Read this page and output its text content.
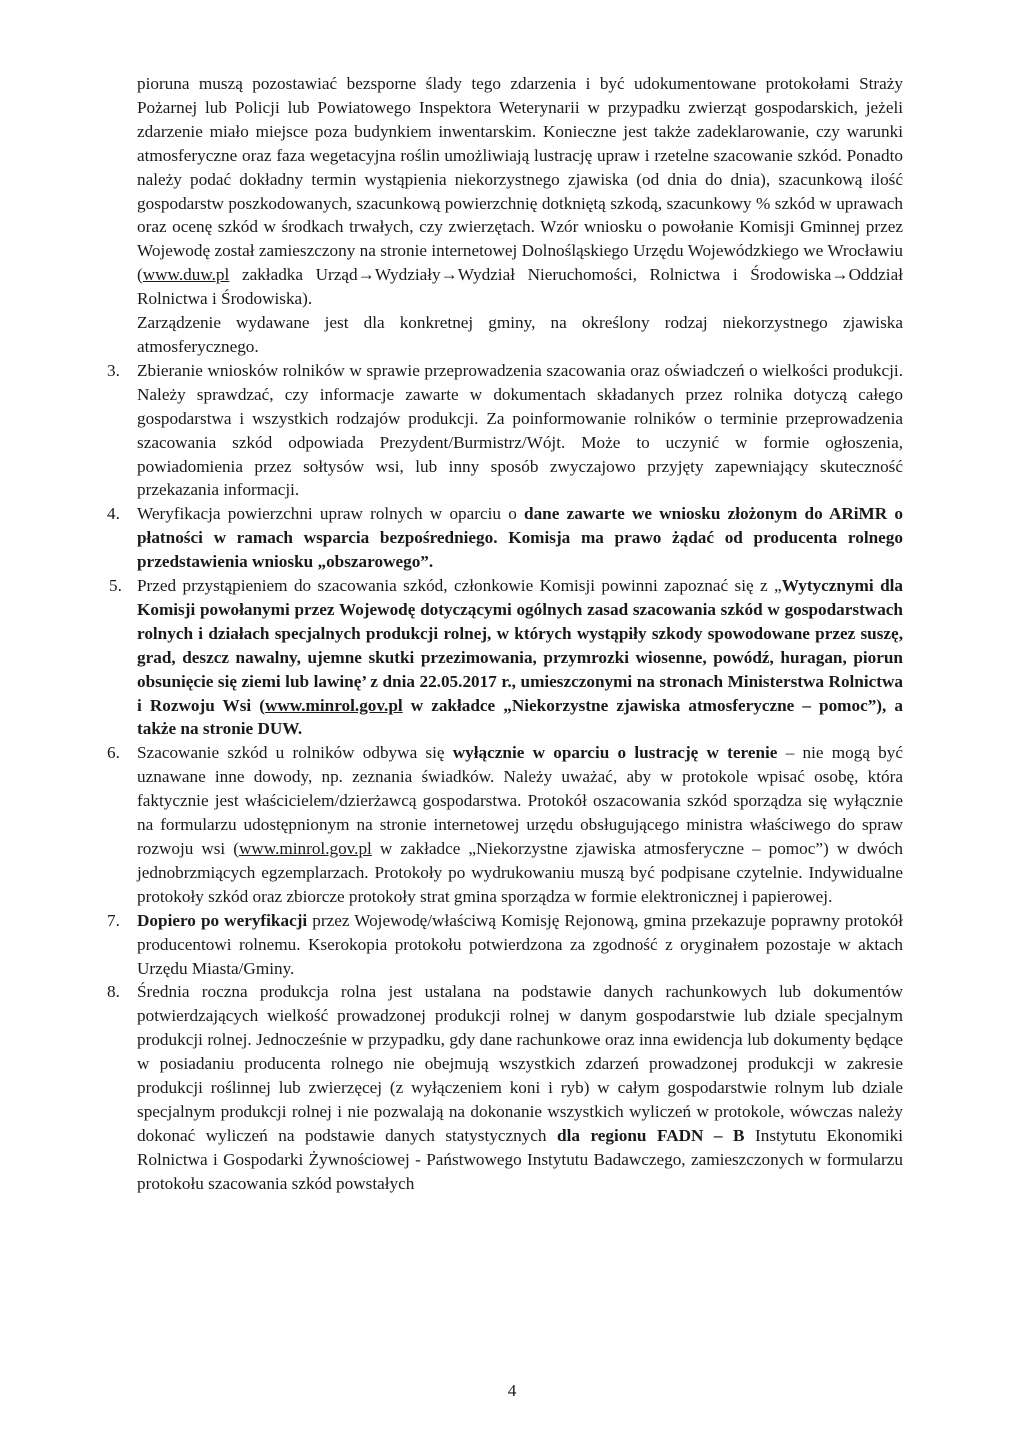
pioruna muszą pozostawiać bezsporne ślady tego zdarzenia i być udokumentowane protokołami Straży Pożarnej lub Policji lub Powiatowego Inspektora Weterynarii w przypadku zwierząt gospodarskich, jeżeli zdarzenie miało miejsce poza budynkiem inwentarskim. Konieczne jest także zadeklarowanie, czy warunki atmosferyczne oraz faza wegetacyjna roślin umożliwiają lustrację upraw i rzetelne szacowanie szkód. Ponadto należy podać dokładny termin wystąpienia niekorzystnego zjawiska (od dnia do dnia), szacunkową ilość gospodarstw poszkodowanych, szacunkową powierzchnię dotkniętą szkodą, szacunkowy % szkód w uprawach oraz ocenę szkód w środkach trwałych, czy zwierzętach. Wzór wniosku o powołanie Komisji Gminnej przez Wojewodę został zamieszczony na stronie internetowej Dolnośląskiego Urzędu Wojewódzkiego we Wrocławiu (www.duw.pl zakładka Urząd→Wydziały→Wydział Nieruchomości, Rolnictwa i Środowiska→Oddział Rolnictwa i Środowiska).

Zarządzenie wydawane jest dla konkretnej gminy, na określony rodzaj niekorzystnego zjawiska atmosferycznego.

3. Zbieranie wniosków rolników w sprawie przeprowadzenia szacowania oraz oświadczeń o wielkości produkcji. Należy sprawdzać, czy informacje zawarte w dokumentach składanych przez rolnika dotyczą całego gospodarstwa i wszystkich rodzajów produkcji. Za poinformowanie rolników o terminie przeprowadzenia szacowania szkód odpowiada Prezydent/Burmistrz/Wójt. Może to uczynić w formie ogłoszenia, powiadomienia przez sołtysów wsi, lub inny sposób zwyczajowo przyjęty zapewniający skuteczność przekazania informacji.

4. Weryfikacja powierzchni upraw rolnych w oparciu o dane zawarte we wniosku złożonym do ARiMR o płatności w ramach wsparcia bezpośredniego. Komisja ma prawo żądać od producenta rolnego przedstawienia wniosku „obszarowego”.

5. Przed przystąpieniem do szacowania szkód, członkowie Komisji powinni zapoznać się z „Wytycznymi dla Komisji powołanymi przez Wojewodę dotyczącymi ogólnych zasad szacowania szkód w gospodarstwach rolnych i działach specjalnych produkcji rolnej, w których wystąpiły szkody spowodowane przez suszę, grad, deszcz nawalny, ujemne skutki przezimowania, przymrozki wiosenne, powódź, huragan, piorun obsunięcie się ziemi lub lawinę’ z dnia 22.05.2017 r., umieszczonymi na stronach Ministerstwa Rolnictwa i Rozwoju Wsi (www.minrol.gov.pl w zakładce „Niekorzystne zjawiska atmosferyczne – pomoc”), a także na stronie DUW.

6. Szacowanie szkód u rolników odbywa się wyłącznie w oparciu o lustrację w terenie – nie mogą być uznawane inne dowody, np. zeznania świadków. Należy uważać, aby w protokole wpisać osobę, która faktycznie jest właścicielem/dzierżawcą gospodarstwa. Protokół oszacowania szkód sporządza się wyłącznie na formularzu udostępnionym na stronie internetowej urzędu obsługującego ministra właściwego do spraw rozwoju wsi (www.minrol.gov.pl w zakładce „Niekorzystne zjawiska atmosferyczne – pomoc”) w dwóch jednobrzmiących egzemplarzach. Protokoły po wydrukowaniu muszą być podpisane czytelnie. Indywidualne protokoły szkód oraz zbiorcze protokoły strat gmina sporządza w formie elektronicznej i papierowej.

7. Dopiero po weryfikacji przez Wojewodę/właściwą Komisję Rejonową, gmina przekazuje poprawny protokół producentowi rolnemu. Kserokopia protokołu potwierdzona za zgodność z oryginałem pozostaje w aktach Urzędu Miasta/Gminy.

8. Średnia roczna produkcja rolna jest ustalana na podstawie danych rachunkowych lub dokumentów potwierdzających wielkość prowadzonej produkcji rolnej w danym gospodarstwie lub dziale specjalnym produkcji rolnej. Jednocześnie w przypadku, gdy dane rachunkowe oraz inna ewidencja lub dokumenty będące w posiadaniu producenta rolnego nie obejmują wszystkich zdarzeń prowadzonej produkcji w zakresie produkcji roślinnej lub zwierzęcej (z wyłączeniem koni i ryb) w całym gospodarstwie rolnym lub dziale specjalnym produkcji rolnej i nie pozwalają na dokonanie wszystkich wyliczeń w protokole, wówczas należy dokonać wyliczeń na podstawie danych statystycznych dla regionu FADN – B Instytutu Ekonomiki Rolnictwa i Gospodarki Żywnościowej - Państwowego Instytutu Badawczego, zamieszczonych w formularzu protokołu szacowania szkód powstałych

4
